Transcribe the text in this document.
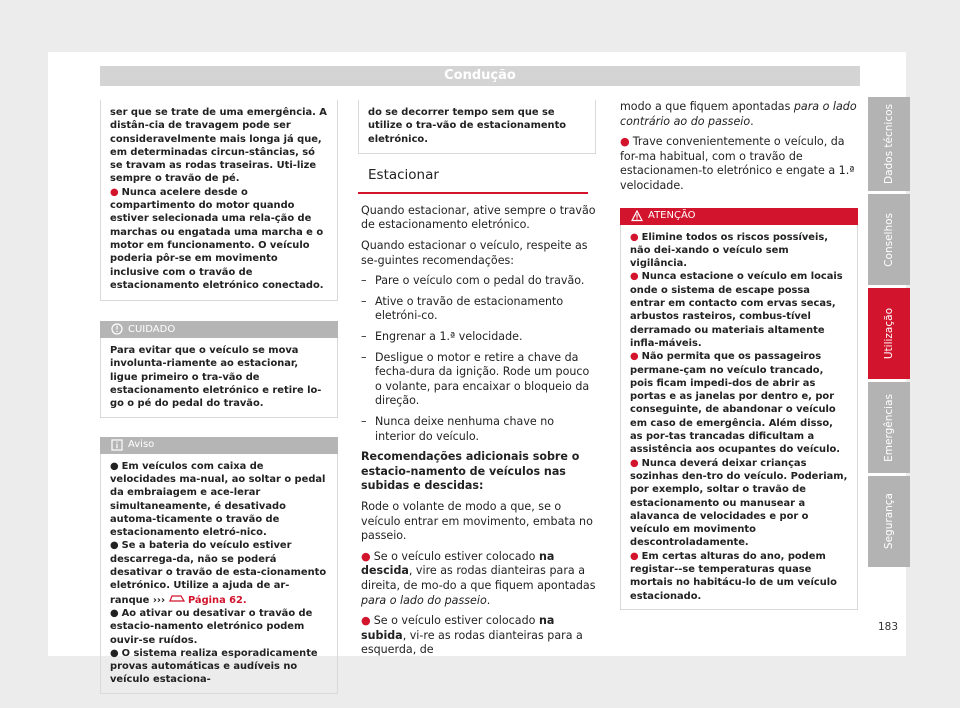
Condução
Dados técnicos
Conselhos
Utilização
Emergências
Segurança

ser que se trate de uma emergência. A distân-cia de travagem pode ser consideravelmente mais longa já que, em determinadas circun-stâncias, só se travam as rodas traseiras. Uti-lize sempre o travão de pé.

● Nunca acelere desde o compartimento do motor quando estiver selecionada uma rela-ção de marchas ou engatada uma marcha e o motor em funcionamento. O veículo poderia pôr-se em movimento inclusive com o travão de estacionamento eletrónico conectado.

CUIDADO

Para evitar que o veículo se mova involunta-riamente ao estacionar, ligue primeiro o tra-vão de estacionamento eletrónico e retire lo-go o pé do pedal do travão.

Aviso

● Em veículos com caixa de velocidades ma-nual, ao soltar o pedal da embraiagem e ace-lerar simultaneamente, é desativado automa-ticamente o travão de estacionamento eletró-nico.

● Se a bateria do veículo estiver descarrega-da, não se poderá desativar o travão de esta-cionamento eletrónico. Utilize a ajuda de ar-ranque ››› Página 62.

● Ao ativar ou desativar o travão de estacio-namento eletrónico podem ouvir-se ruídos.

● O sistema realiza esporadicamente provas automáticas e audíveis no veículo estaciona-

do se decorrer tempo sem que se utilize o tra-vão de estacionamento eletrónico.

Estacionar

Quando estacionar, ative sempre o travão de estacionamento eletrónico.

Quando estacionar o veículo, respeite as se-guintes recomendações:

– Pare o veículo com o pedal do travão.

– Ative o travão de estacionamento eletróni-co.

– Engrenar a 1.ª velocidade.

– Desligue o motor e retire a chave da fecha-dura da ignição. Rode um pouco o volante, para encaixar o bloqueio da direção.

– Nunca deixe nenhuma chave no interior do veículo.

Recomendações adicionais sobre o estacio-namento de veículos nas subidas e descidas:

Rode o volante de modo a que, se o veículo entrar em movimento, embata no passeio.

● Se o veículo estiver colocado na descida, vire as rodas dianteiras para a direita, de mo-do a que fiquem apontadas para o lado do passeio.

● Se o veículo estiver colocado na subida, vi-re as rodas dianteiras para a esquerda, de

modo a que fiquem apontadas para o lado contrário ao do passeio.

● Trave convenientemente o veículo, da for-ma habitual, com o travão de estacionamen-to eletrónico e engate a 1.ª velocidade.

ATENÇÃO

● Elimine todos os riscos possíveis, não dei-xando o veículo sem vigilância.

● Nunca estacione o veículo em locais onde o sistema de escape possa entrar em contacto com ervas secas, arbustos rasteiros, combus-tível derramado ou materiais altamente infla-máveis.

● Não permita que os passageiros permane-çam no veículo trancado, pois ficam impedi-dos de abrir as portas e as janelas por dentro e, por conseguinte, de abandonar o veículo em caso de emergência. Além disso, as por-tas trancadas dificultam a assistência aos ocupantes do veículo.

● Nunca deverá deixar crianças sozinhas den-tro do veículo. Poderiam, por exemplo, soltar o travão de estacionamento ou manusear a alavanca de velocidades e por o veículo em movimento descontroladamente.

● Em certas alturas do ano, podem registar--se temperaturas quase mortais no habitácu-lo de um veículo estacionado.

183
